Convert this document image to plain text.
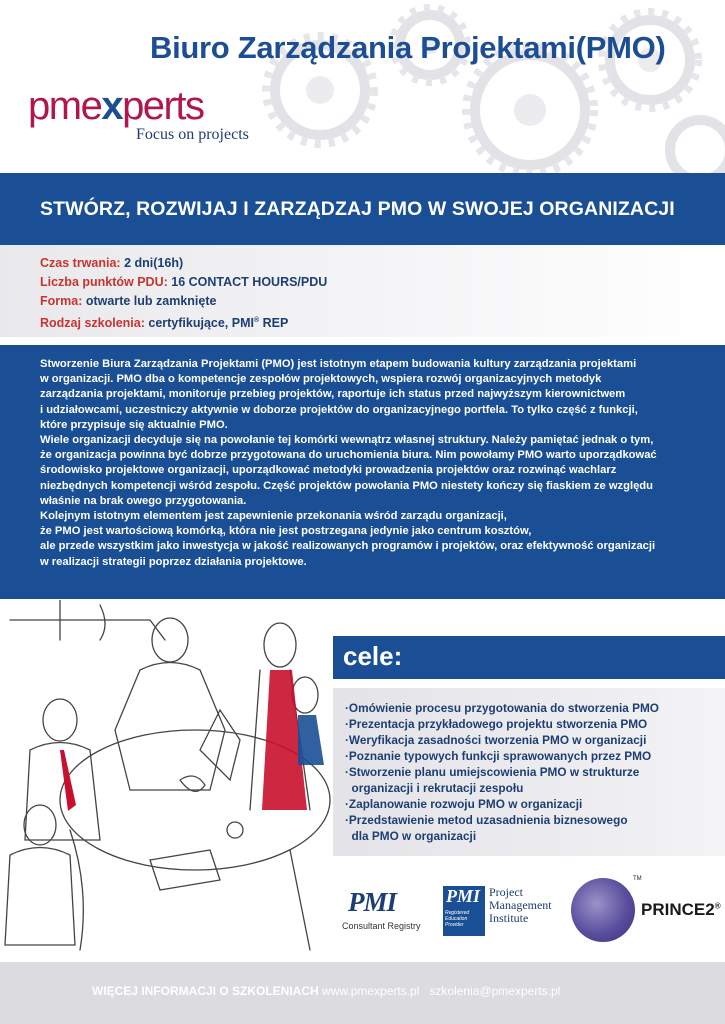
Biuro Zarządzania Projektami(PMO)
pmexperts
Focus on projects
STWÓRZ, ROZWIJAJ I ZARZĄDZAJ PMO W SWOJEJ ORGANIZACJI
Czas trwania: 2 dni(16h)
Liczba punktów PDU: 16 CONTACT HOURS/PDU
Forma: otwarte lub zamknięte
Rodzaj szkolenia: certyfikujące, PMI® REP

Stworzenie Biura Zarządzania Projektami (PMO) jest istotnym etapem budowania kultury zarządzania projektami

w organizacji. PMO dba o kompetencje zespołów projektowych, wspiera rozwój organizacyjnych metodyk

zarządzania projektami, monitoruje przebieg projektów, raportuje ich status przed najwyższym kierownictwem

i udziałowcami, uczestniczy aktywnie w doborze projektów do organizacyjnego portfela. To tylko część z funkcji,

które przypisuje się aktualnie PMO.

Wiele organizacji decyduje się na powołanie tej komórki wewnątrz własnej struktury. Należy pamiętać jednak o tym,

że organizacja powinna być dobrze przygotowana do uruchomienia biura. Nim powołamy PMO warto uporządkować

środowisko projektowe organizacji, uporządkować metodyki prowadzenia projektów oraz rozwinąć wachlarz

niezbędnych kompetencji wśród zespołu. Część projektów powołania PMO niestety kończy się fiaskiem ze względu

właśnie na brak owego przygotowania.

Kolejnym istotnym elementem jest zapewnienie przekonania wśród zarządu organizacji,

że PMO jest wartościową komórką, która nie jest postrzegana jedynie jako centrum kosztów,

ale przede wszystkim jako inwestycja w jakość realizowanych programów i projektów, oraz efektywność organizacji

w realizacji strategii poprzez działania projektowe.

cele:
·Omówienie procesu przygotowania do stworzenia PMO
·Prezentacja przykładowego projektu stworzenia PMO
·Weryfikacja zasadności tworzenia PMO w organizacji
·Poznanie typowych funkcji sprawowanych przez PMO
·Stworzenie planu umiejscowienia PMO w strukturze
organizacji i rekrutacji zespołu
·Zaplanowanie rozwoju PMO w organizacji
·Przedstawienie metod uzasadnienia biznesowego
dla PMO w organizacji
PMI
Consultant Registry
PMI
Registered Education Provider
Project
Management
Institute
TM
PRINCE2®
WIĘCEJ INFORMACJI O SZKOLENIACH www.pmexperts.pl szkolenia@pmexperts.pl
